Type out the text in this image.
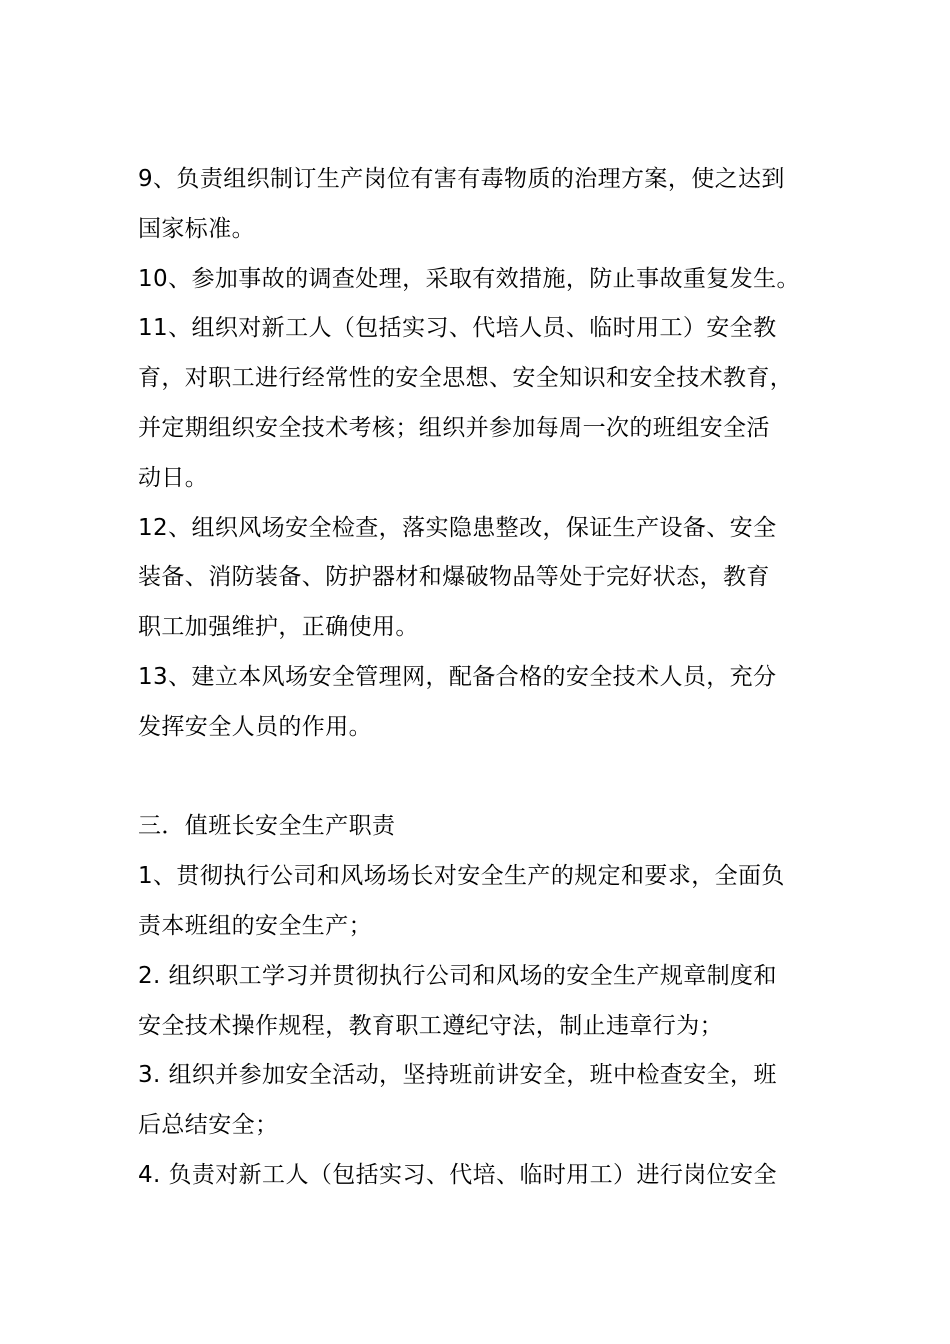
9、负责组织制订生产岗位有害有毒物质的治理方案，使之达到
国家标准。
10、参加事故的调查处理，采取有效措施，防止事故重复发生。
11、组织对新工人（包括实习、代培人员、临时用工）安全教
育，对职工进行经常性的安全思想、安全知识和安全技术教育，
并定期组织安全技术考核；组织并参加每周一次的班组安全活
动日。
12、组织风场安全检查，落实隐患整改，保证生产设备、安全
装备、消防装备、防护器材和爆破物品等处于完好状态，教育
职工加强维护，正确使用。
13、建立本风场安全管理网，配备合格的安全技术人员，充分
发挥安全人员的作用。
三．值班长安全生产职责
1、贯彻执行公司和风场场长对安全生产的规定和要求，全面负
责本班组的安全生产；
2. 组织职工学习并贯彻执行公司和风场的安全生产规章制度和
安全技术操作规程，教育职工遵纪守法，制止违章行为；
3. 组织并参加安全活动，坚持班前讲安全，班中检查安全，班
后总结安全；
4. 负责对新工人（包括实习、代培、临时用工）进行岗位安全
